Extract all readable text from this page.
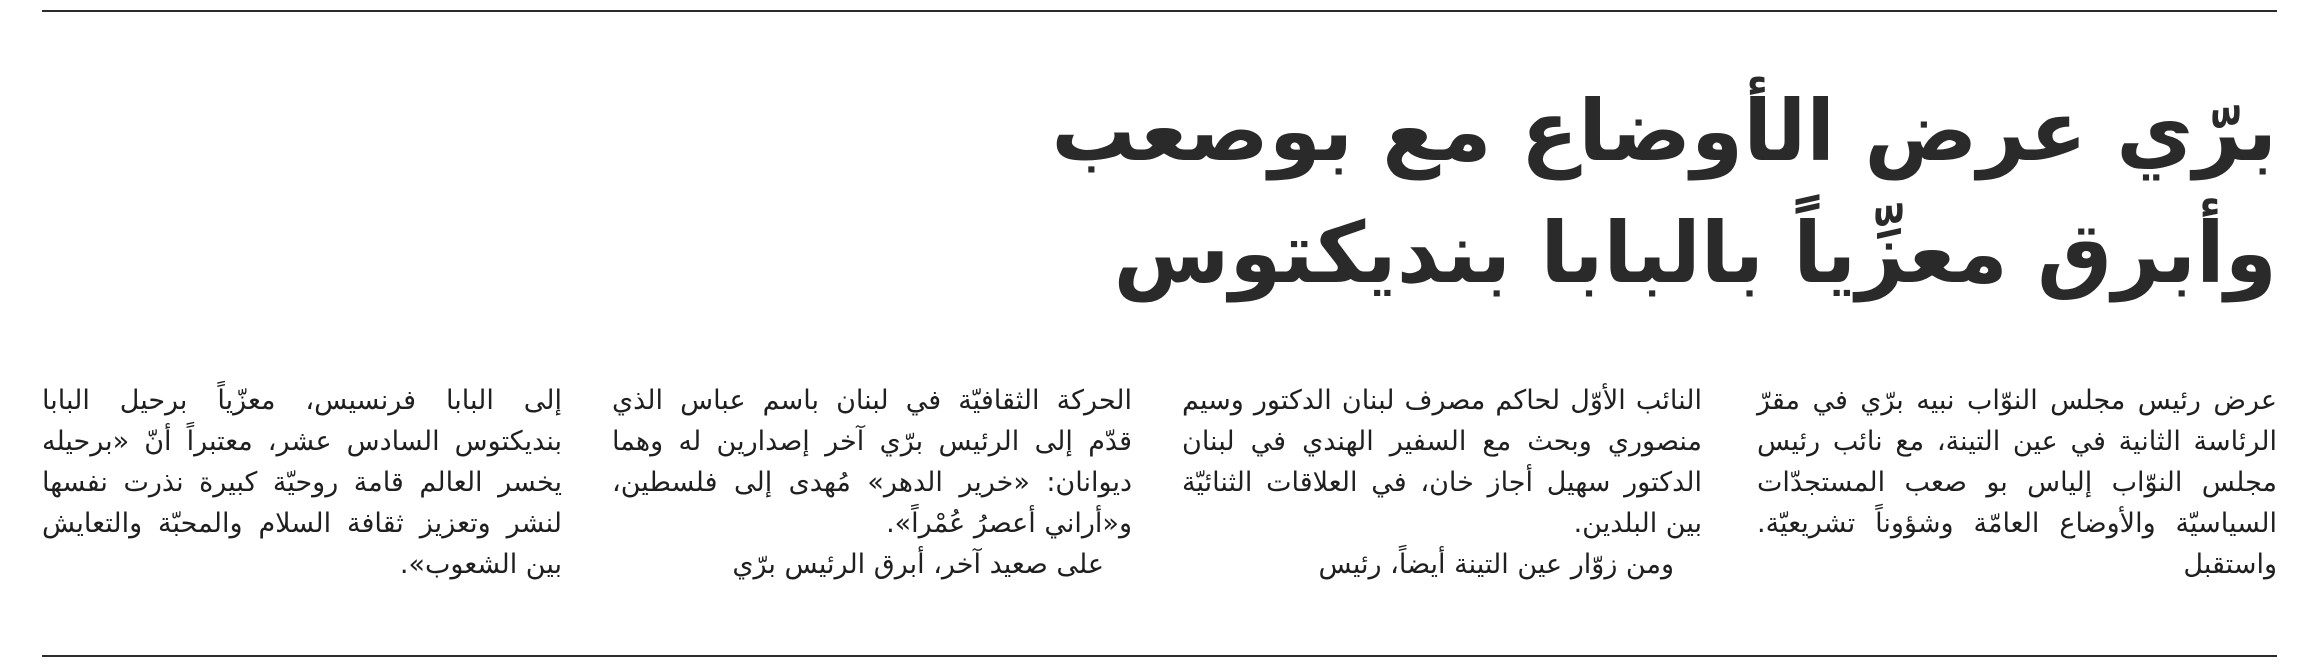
برّي عرض الأوضاع مع بوصعب
وأبرق معزِّياً بالبابا بنديكتوس

عرض رئيس مجلس النوّاب نبيه برّي في مقرّ الرئاسة الثانية في عين التينة، مع نائب رئيس مجلس النوّاب إلياس بو صعب المستجدّات السياسيّة والأوضاع العامّة وشؤوناً تشريعيّة. واستقبل

النائب الأوّل لحاكم مصرف لبنان الدكتور وسيم منصوري وبحث مع السفير الهندي في لبنان الدكتور سهيل أجاز خان، في العلاقات الثنائيّة بين البلدين.

ومن زوّار عين التينة أيضاً، رئيس

الحركة الثقافيّة في لبنان باسم عباس الذي قدّم إلى الرئيس برّي آخر إصدارين له وهما ديوانان: «خرير الدهر» مُهدى إلى فلسطين، و«أراني أعصرُ عُمْراً».

على صعيد آخر، أبرق الرئيس برّي

إلى البابا فرنسيس، معزّياً برحيل البابا بنديكتوس السادس عشر، معتبراً أنّ «برحيله يخسر العالم قامة روحيّة كبيرة نذرت نفسها لنشر وتعزيز ثقافة السلام والمحبّة والتعايش بين الشعوب».
